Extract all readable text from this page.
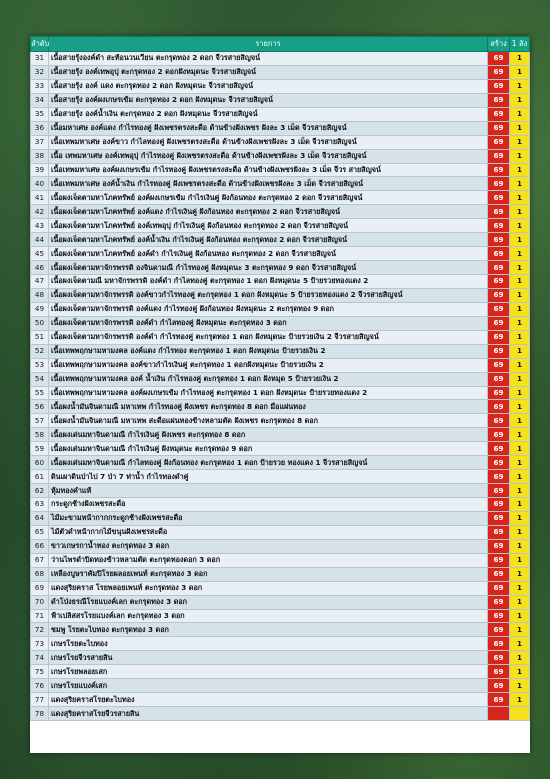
ลำดับ	รายการ	สร้าง	1 ลัง
31	เนื้อสายรุ้งองค์ดำ สะท้อนวนเวียน ตะกรุดทอง 2 ดอก จีวรสายสิญจน์	69	1
32	เนื้อสายรุ้ง องค์เทพอุปุ ตะกรุดทอง 2 ดอกฝังหมุดนะ จีวรสายสิญจน์	69	1
33	เนื้อสายรุ้ง องค์ แดง ตะกรุดทอง 2 ดอก ฝังหมุดนะ จีวรสายสิญจน์	69	1
34	เนื้อสายรุ้ง องค์ผงเกษรเข้ม ตะกรุดทอง 2 ดอก ฝังหมุดนะ จีวรสายสิญจน์	69	1
35	เนื้อสายรุ้ง องค์น้ำเงิน ตะกรุดทอง 2 ดอก ฝังหมุดนะ จีวรสายสิญจน์	69	1
36	เนื้อมหาเศษ องค์แดง กำไรทองคู่ ฝังเพชรตรงสะดือ ด้านข้างฝังเพชร ฝังละ 3 เม็ด จีวรสายสิญจน์	69	1
37	เนื้อเทพมหาเศษ องค์ขาว กำไลทองคู่ ฝังเพชรตรงสะดือ ด้านข้างฝังเพชรฝังละ 3 เม็ด จีวรสายสิญจน์	69	1
38	เนื้อ เทพมหาเศษ องค์เทพอุปุ กำไรทองคู่ ฝังเพชรตรงสะดือ ด้านข้างฝังเพชรฝังละ 3 เม็ด จีวรสายสิญจน์	69	1
39	เนื้อเทพมหาเศษ องค์ผงเกษรเข้ม กำไรทองคู่ ฝังเพชรตรงสะดือ ด้านข้างฝังเพชรฝังละ 3 เม็ด จีวร สายสิญจน์	69	1
40	เนื้อเทพมหาเศษ องค์น้ำเงิน กำไรทองคู่ ฝังเพชรตรงสะดือ ด้านข้างฝังเพชรฝังละ 3 เม็ด จีวรสายสิญจน์	69	1
41	เนื้อผงเจ็ดตามหาโภคทรัพย์ องค์ผงเกษรเข้ม กำไรเงินคู่ ฝังก้อนทอง ตะกรุดทอง 2 ดอก จีวรสายสิญจน์	69	1
42	เนื้อผงเจ็ดตามหาโภคทรัพย์ องค์แดง กำไรเงินคู่ ฝังก้อนทอง ตะกรุดทอง 2 ดอก จีวรสายสิญจน์	69	1
43	เนื้อผงเจ็ดตามหาโภคทรัพย์ องค์เทพอุปุ กำไรเงินคู่ ฝังก้อนทอง ตะกรุดทอง 2 ดอก จีวรสายสิญจน์	69	1
44	เนื้อผงเจ็ดตามหาโภคทรัพย์ องค์น้ำเงิน กำไรเงินคู่ ฝังก้อนทอง ตะกรุดทอง 2 ดอก จีวรสายสิญจน์	69	1
45	เนื้อผงเจ็ดตามหาโภคทรัพย์ องค์ดำ กำไรเงินคู่ ฝังก้อนทอง ตะกรุดทอง 2 ดอก จีวรสายสิญจน์	69	1
46	เนื้อผงเจ็ดตามหาจักรพรรดิ องจินดามณี กำไรทองคู่ ฝังหมุดนะ 3 ตะกรุดทอง 9 ดอก จีวรสายสิญจน์	69	1
47	เนื้อผงเจ็ดตามณี มหาจักรพรรดิ องค์ดำ กำไลทองคู่ ตะกรุดทอง 1 ดอก ฝังหมุดนะ 5 ป้ายรวยทองแดง 2	69	1
48	เนื้อผงเจ็ดตามหาจักรพรรดิ องค์ขาวกำไรทองคู่ ตะกรุดทอง 1 ดอก ฝังหมุดนะ 5 ป้ายรวยทองแดง 2 จีวรสายสิญจน์	69	1
49	เนื้อผงเจ็ดตามหาจักรพรรดิ องค์แดง กำไรทองคู่ ฝังก้อนทอง ฝังหมุดนะ 2 ตะกรุดทอง 9 ดอก	69	1
50	เนื้อผงเจ็ดตามหาจักรพรรดิ องค์ดำ กำไลทองคู่ ฝังหมุดนะ ตะกรุดทอง 3 ดอก	69	1
51	เนื้อผงเจ็ดตามหาจักรพรรดิ องค์ดำ กำไรทองคู่ ตะกรุดทอง 1 ดอก ฝังหมุดนะ ป้ายรวยเงิน 2 จีวรสายสิญจน์	69	1
52	เนื้อเทพพฤกษามหามงคล องค์แดง กำไรทอง ตะกรุดทอง 1 ดอก ฝังหมุดนะ ป้ายรวยเงิน 2	69	1
53	เนื้อเทพพฤกษามหามงคล องค์ขาวกำไรเงินคู่ ตะกรุดทอง 1 ดอกฝังหมุดนะ ป้ายรวยเงิน 2	69	1
54	เนื้อเทพพฤกษามหามงคล องค์ น้ำเงิน กำไรทองคู่ ตะกรุดทอง 1 ดอก ฝังหมุด 5 ป้ายรวยเงิน 2	69	1
55	เนื้อเทพพฤกษามหามงคล องค์ผงเกษรเข้ม กำไรทองคู่ ตะกรุดทอง 1 ดอก ฝังหมุดนะ ป้ายรวยทองแดง 2	69	1
56	เนื้อผงน้ำมันจินดามณี มหาเทพ กำไรทองคู่ ฝังเพชร ตะกรุดทอง 8 ดอก มือแผ่นทอง	69	1
57	เนื้อผงน้ำมันจินดามณี มหาเทพ สะดือแผ่นทองข้างหลามตัด ฝังเพชร ตะกรุดทอง 8 ดอก	69	1
58	เนื้อผงเด่นมหาจินดามณี กำไรเงินคู่ ฝังเพชร ตะกรุดทอง 8 ดอก	69	1
59	เนื้อผงเด่นมหาจินดามณี กำไรเงินคู่ ฝังหมุดนะ ตะกรุดทอง 9 ดอก	69	1
60	เนื้อผงเด่นมหาจินดามณี กำไลทองคู่ ฝังก้อนทอง ตะกรุดทอง 1 ดอก ป้ายรวย ทองแดง 1 จีวรสายสิญจน์	69	1
61	ดินเผาดินป่าไป 7 ป่า 7 ท่าน้ำ กำไรทองดำคู่	69	1
62	หุ้มทองคำแท้	69	1
63	กระดูกช้างฝังเพชรสะดือ	69	1
64	ไม้มะขามหน้ากากกระดูกช้างฝังเพชรสะดือ	69	1
65	ไม้ตัวดำหน้ากากไม้ขนุนฝังเพชรสะดือ	69	1
66	ขาวเกษรกาน้ำทอง ตะกรุดทอง 3 ดอก	69	1
67	ว่านไพรดำปิดทองข้าวหลามตัด ตะกรุดทองดอก 3 ดอก	69	1
68	เหลืองบูษราคัมปิโรยผลอยเพนท์ ตะกรุดทอง 3 ดอก	69	1
69	แดงสุริยคราส โรยพลอยเพนท์ ตะกรุดทอง 3 ดอก	69	1
70	ดำโป่งธรณีโรยแบงค์เลก ตะกรุดทอง 3 ดอก	69	1
71	ฟ้าเปลิสสรโรยแบงค์เลก ตะกรุดทอง 3 ดอก	69	1
72	ชมพู โรยตะไบทอง ตะกรุดทอง 3 ดอก	69	1
73	เกษรโรยตะไบทอง	69	1
74	เกษรโรยจีวรสายสิน	69	1
75	เกษรโรยพลอยเสก	69	1
76	เกษรโรยแบงค์เสก	69	1
77	แดงสุริยคราสโรยตะไบทอง	69	1
78	แดงสุริยคราสโรยจีวรสายสิน		
